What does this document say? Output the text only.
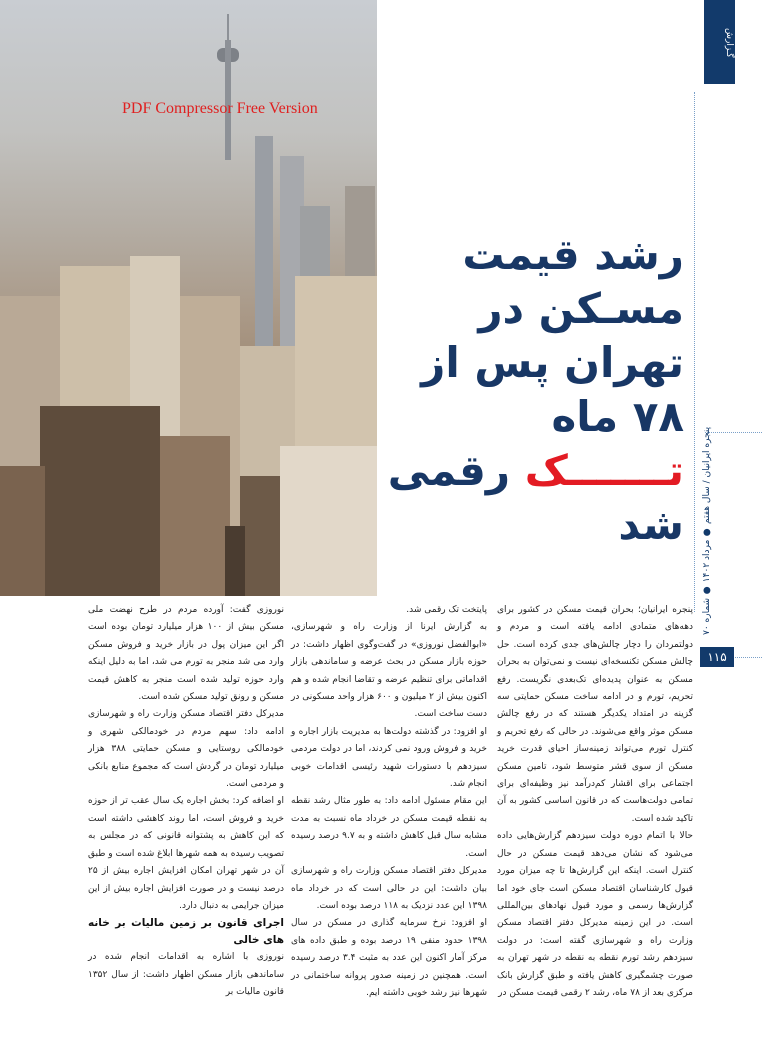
PDF Compressor Free Version
گـزارش
پنجره ایرانیان / سال هفتم ● مرداد ۱۴۰۲ ● شماره ۷۰
۱۱۵
رشد قیمت مسـکن در
تهران پس از ۷۸ ماه
تـــــــک رقمی شد

پنجره ایرانیان؛ بحران قیمت مسکن در کشور برای دهه‌های متمادی ادامه یافته است و مردم و دولتمردان را دچار چالش‌های جدی کرده است. حل چالش مسکن تکنسخه‌ای نیست و نمی‌توان به بحران مسکن به عنوان پدیده‌ای تک‌بعدی نگریست. رفع تحریم، تورم و در ادامه ساخت مسکن حمایتی سه گزینه در امتداد یکدیگر هستند که در رفع چالش مسکن موثر واقع می‌شوند. در حالی که رفع تحریم و کنترل تورم می‌تواند زمینه‌ساز احیای قدرت خرید مسکن از سوی قشر متوسط شود، تامین مسکن اجتماعی برای اقشار کم‌درآمد نیز وظیفه‌ای برای تمامی دولت‌هاست که در قانون اساسی کشور به آن تاکید شده است.

حالا با اتمام دوره دولت سیزدهم گزارش‌هایی داده می‌شود که نشان می‌دهد قیمت مسکن در حال کنترل است. اینکه این گزارش‌ها تا چه میزان مورد قبول کارشناسان اقتصاد مسکن است جای خود اما گزارش‌ها رسمی و مورد قبول نهادهای بین‌المللی است. در این زمینه مدیرکل دفتر اقتصاد مسکن وزارت راه و شهرسازی گفته است: در دولت سیزدهم رشد تورم نقطه به نقطه در شهر تهران به صورت چشمگیری کاهش یافته و طبق گزارش بانک مرکزی بعد از ۷۸ ماه، رشد ۲ رقمی قیمت مسکن در

پایتخت تک رقمی شد.

به گزارش ایرنا از وزارت راه و شهرسازی، «ابوالفضل نوروزی» در گفت‌وگوی اظهار داشت: در حوزه بازار مسکن در بحث عرضه و ساماندهی بازار اقداماتی برای تنظیم عرضه و تقاضا انجام شده و هم اکنون بیش از ۲ میلیون و ۶۰۰ هزار واحد مسکونی در دست ساخت است.

او افزود: در گذشته دولت‌ها به مدیریت بازار اجاره و خرید و فروش ورود نمی کردند، اما در دولت مردمی سیزدهم با دستورات شهید رئیسی اقدامات خوبی انجام شد.

این مقام مسئول ادامه داد: به طور مثال رشد نقطه به نقطه قیمت مسکن در خرداد ماه نسبت به مدت مشابه سال قبل کاهش داشته و به ۹.۷ درصد رسیده است.

مدیرکل دفتر اقتصاد مسکن وزارت راه و شهرسازی بیان داشت: این در حالی است که در خرداد ماه ۱۳۹۸ این عدد نزدیک به ۱۱۸ درصد بوده است.

او افزود: نرخ سرمایه گذاری در مسکن در سال ۱۳۹۸ حدود منفی ۱۹ درصد بوده و طبق داده های مرکز آمار اکنون این عدد به مثبت ۳.۴ درصد رسیده است. همچنین در زمینه صدور پروانه ساختمانی در شهرها نیز رشد خوبی داشته ایم.

نوروزی گفت: آورده مردم در طرح نهضت ملی مسکن بیش از ۱۰۰ هزار میلیارد تومان بوده است اگر این میزان پول در بازار خرید و فروش مسکن وارد می شد منجر به تورم می شد، اما به دلیل اینکه وارد حوزه تولید شده است منجر به کاهش قیمت مسکن و رونق تولید مسکن شده است.

مدیرکل دفتر اقتصاد مسکن وزارت راه و شهرسازی ادامه داد: سهم مردم در خودمالکی شهری و خودمالکی روستایی و مسکن حمایتی ۳۸۸ هزار میلیارد تومان در گردش است که مجموع منابع بانکی و مردمی است.

او اضافه کرد: بخش اجاره یک سال عقب تر از حوزه خرید و فروش است، اما روند کاهشی داشته است که این کاهش به پشتوانه قانونی که در مجلس به تصویب رسیده به همه شهرها ابلاغ شده است و طبق آن در شهر تهران امکان افزایش اجاره بیش از ۲۵ درصد نیست و در صورت افزایش اجاره بیش از این میزان جرایمی به دنبال دارد.

اجرای قانون بر زمین مالیات بر خانه های خالی

نوروزی با اشاره به اقدامات انجام شده در ساماندهی بازار مسکن اظهار داشت: از سال ۱۳۵۲ قانون مالیات بر
